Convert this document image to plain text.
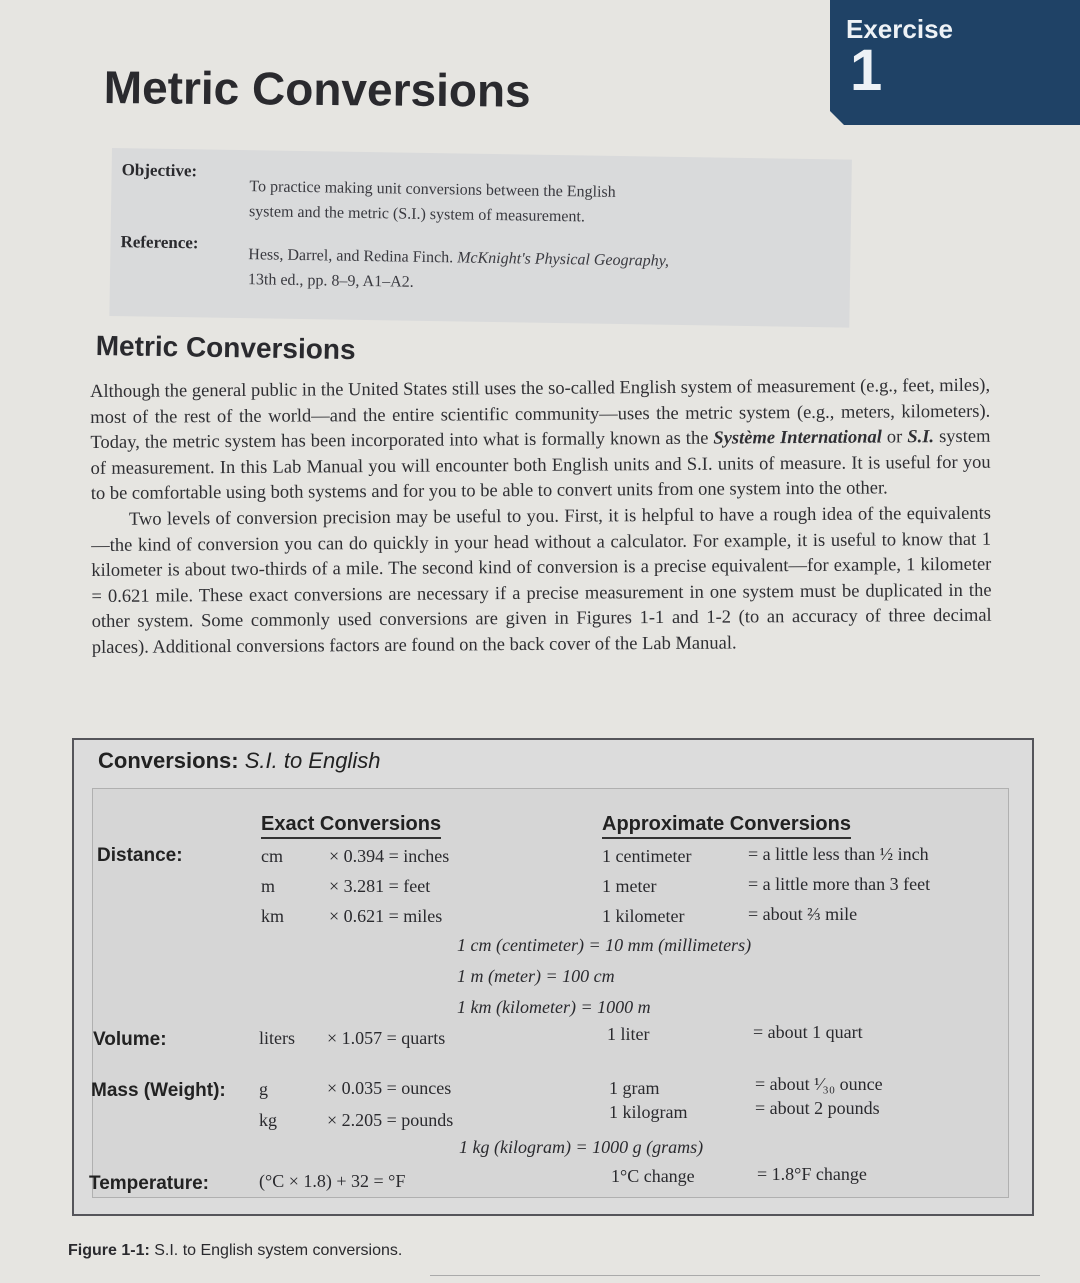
Exercise
1
Metric Conversions
Objective:
To practice making unit conversions between the English
system and the metric (S.I.) system of measurement.
Reference:
Hess, Darrel, and Redina Finch. McKnight's Physical Geography,
13th ed., pp. 8–9, A1–A2.
Metric Conversions

Although the general public in the United States still uses the so-called English system of measurement (e.g., feet, miles), most of the rest of the world—and the entire scientific community—uses the metric system (e.g., meters, kilometers). Today, the metric system has been incorporated into what is formally known as the Système International or S.I. system of measurement. In this Lab Manual you will encounter both English units and S.I. units of measure. It is useful for you to be comfortable using both systems and for you to be able to convert units from one system into the other.

Two levels of conversion precision may be useful to you. First, it is helpful to have a rough idea of the equivalents—the kind of conversion you can do quickly in your head without a calculator. For example, it is useful to know that 1 kilometer is about two-thirds of a mile. The second kind of conversion is a precise equivalent—for example, 1 kilometer = 0.621 mile. These exact conversions are necessary if a precise measurement in one system must be duplicated in the other system. Some commonly used conversions are given in Figures 1-1 and 1-2 (to an accuracy of three decimal places). Additional conversions factors are found on the back cover of the Lab Manual.

Conversions: S.I. to English
Exact Conversions	Approximate Conversions
Distance:	cm	× 0.394 = inches	1 centimeter	= a little less than ½ inch
m	× 3.281 = feet	1 meter	= a little more than 3 feet
km × 0.621 = miles	1 kilometer	= about ⅔ mile
1 cm (centimeter) = 10 mm (millimeters)
1 m (meter) = 100 cm
1 km (kilometer) = 1000 m
Volume:	liters × 1.057 = quarts	1 liter	= about 1 quart
Mass (Weight): g	× 0.035 = ounces	1 gram	= about ¹⁄₃₀ ounce
kg	× 2.205 = pounds	1 kilogram	= about 2 pounds
1 kg (kilogram) = 1000 g (grams)
Temperature:	(°C × 1.8) + 32 = °F	1°C change	= 1.8°F change
Figure 1-1: S.I. to English system conversions.
